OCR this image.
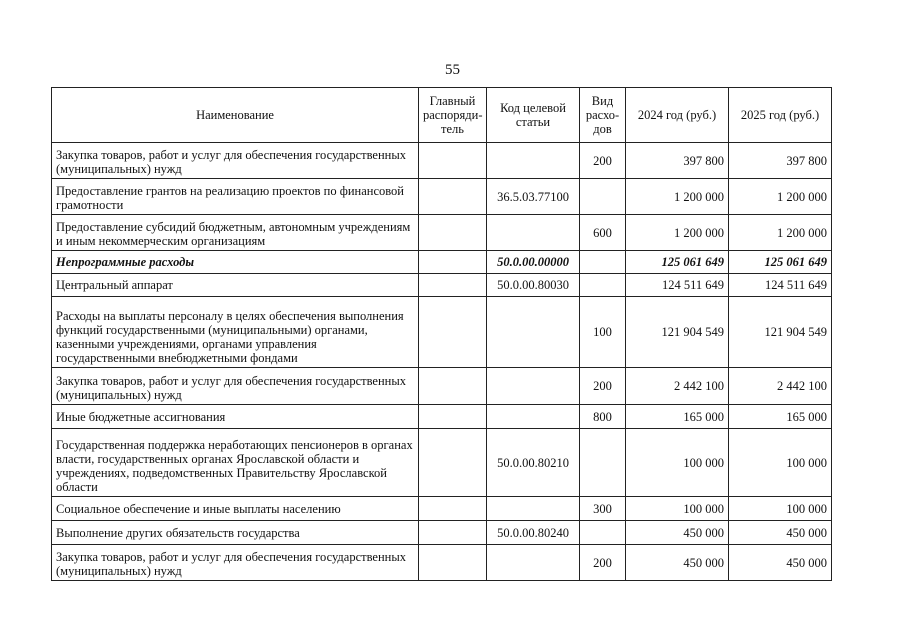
55
Наименование	Главный распоряди-тель	Код целевой статьи	Вид расхо-дов	2024 год (руб.)	2025 год (руб.)
Закупка товаров, работ и услуг для обеспечения государственных (муниципальных) нужд			200	397 800	397 800
Предоставление грантов на реализацию проектов по финансовой грамотности		36.5.03.77100		1 200 000	1 200 000
Предоставление субсидий бюджетным, автономным учреждениям и иным некоммерческим организациям			600	1 200 000	1 200 000
Непрограммные расходы		50.0.00.00000		125 061 649	125 061 649
Центральный аппарат		50.0.00.80030		124 511 649	124 511 649
Расходы на выплаты персоналу в целях обеспечения выполнения функций государственными (муниципальными) органами, казенными учреждениями, органами управления государственными внебюджетными фондами			100	121 904 549	121 904 549
Закупка товаров, работ и услуг для обеспечения государственных (муниципальных) нужд			200	2 442 100	2 442 100
Иные бюджетные ассигнования			800	165 000	165 000
Государственная поддержка неработающих пенсионеров в органах власти, государственных органах Ярославской области и учреждениях, подведомственных Правительству Ярославской области		50.0.00.80210		100 000	100 000
Социальное обеспечение и иные выплаты населению			300	100 000	100 000
Выполнение других обязательств государства		50.0.00.80240		450 000	450 000
Закупка товаров, работ и услуг для обеспечения государственных (муниципальных) нужд			200	450 000	450 000
